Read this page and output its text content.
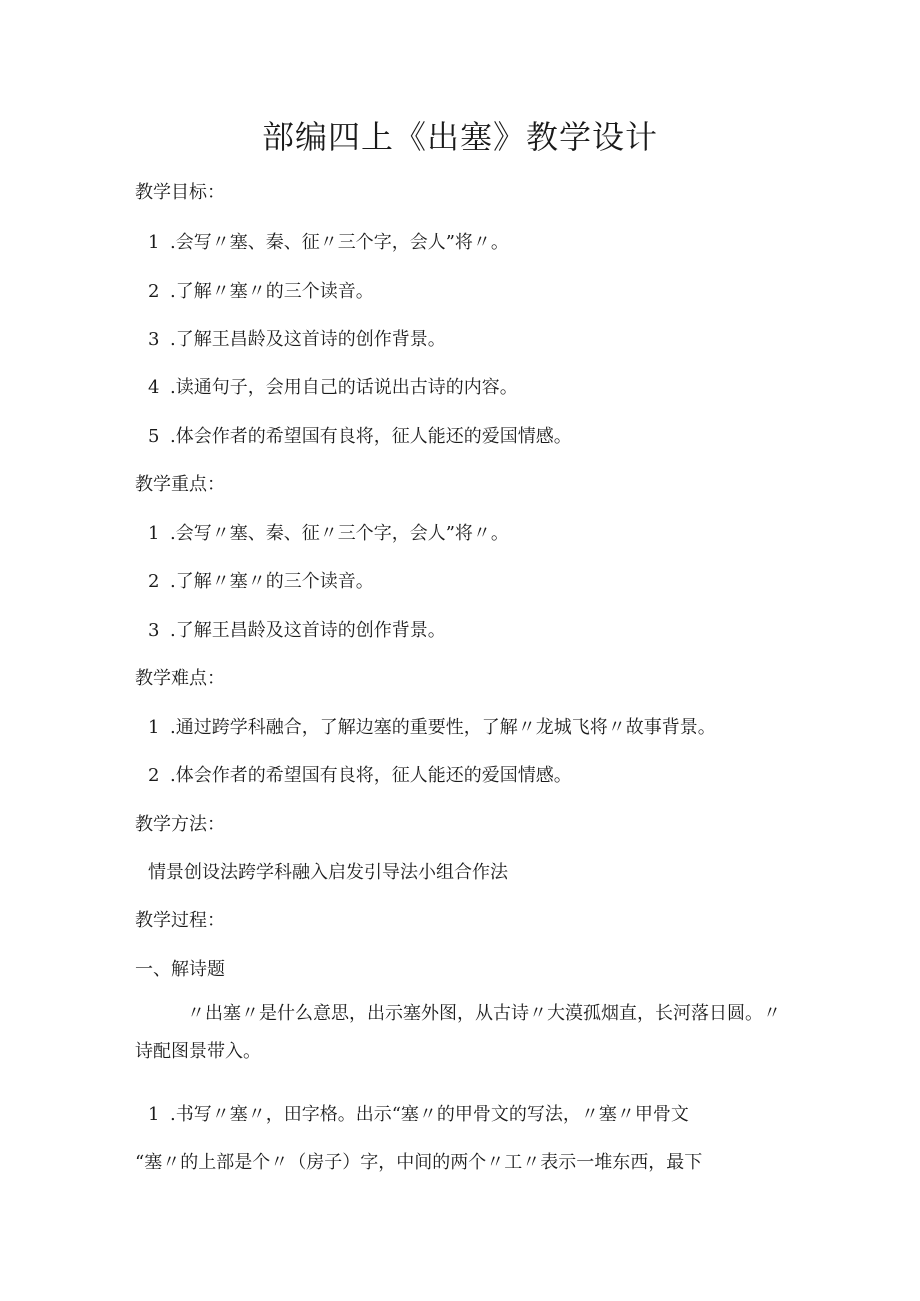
部编四上《出塞》教学设计
教学目标：
1 .会写〃塞、秦、征〃三个字，会人”将〃。
2 .了解〃塞〃的三个读音。
3 .了解王昌龄及这首诗的创作背景。
4 .读通句子，会用自己的话说出古诗的内容。
5 .体会作者的希望国有良将，征人能还的爱国情感。
教学重点：
1 .会写〃塞、秦、征〃三个字，会人”将〃。
2 .了解〃塞〃的三个读音。
3 .了解王昌龄及这首诗的创作背景。
教学难点：
1 .通过跨学科融合，了解边塞的重要性，了解〃龙城飞将〃故事背景。
2 .体会作者的希望国有良将，征人能还的爱国情感。
教学方法：
情景创设法跨学科融入启发引导法小组合作法
教学过程：
一、解诗题
〃出塞〃是什么意思，出示塞外图，从古诗〃大漠孤烟直，长河落日圆。〃诗配图景带入。
1 .书写〃塞〃，田字格。出示“塞〃的甲骨文的写法，〃塞〃甲骨文
“塞〃的上部是个〃（房子）字，中间的两个〃工〃表示一堆东西，最下
